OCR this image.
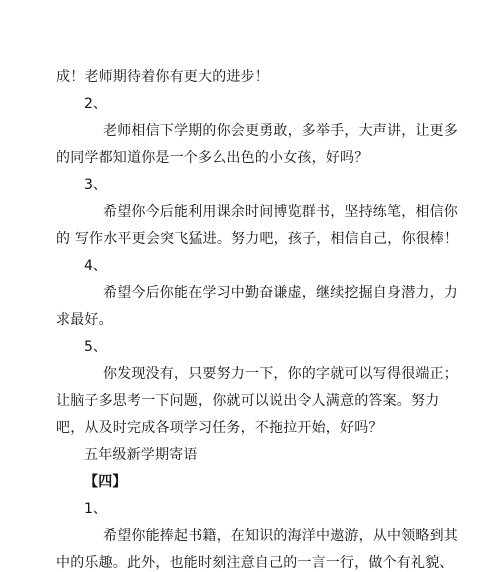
成！老师期待着你有更大的进步！
2、
老师相信下学期的你会更勇敢，多举手，大声讲，让更多
的同学都知道你是一个多么出色的小女孩，好吗？
3、
希望你今后能利用课余时间博览群书，坚持练笔，相信你
的 写作水平更会突飞猛进。努力吧，孩子，相信自己，你很棒！
4、
希望今后你能在学习中勤奋谦虚，继续挖掘自身潜力，力
求最好。
5、
你发现没有，只要努力一下，你的字就可以写得很端正；
让脑子多思考一下问题，你就可以说出令人满意的答案。努力
吧，从及时完成各项学习任务，不拖拉开始，好吗？
五年级新学期寄语
【四】
1、
希望你能捧起书籍，在知识的海洋中遨游，从中领略到其
中的乐趣。此外，也能时刻注意自己的一言一行，做个有礼貌、
